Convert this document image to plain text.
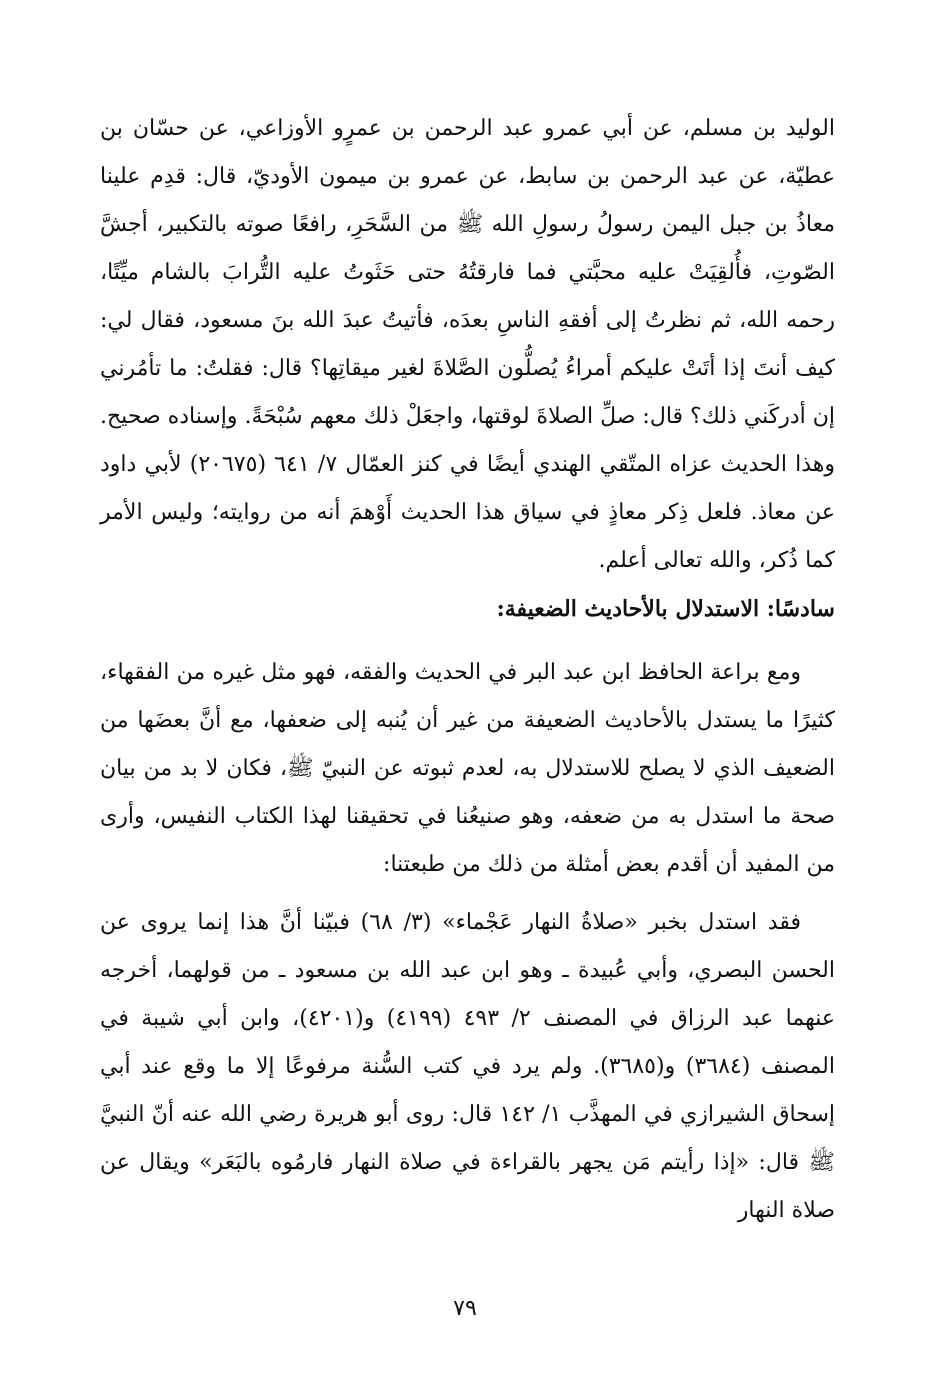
الوليد بن مسلم، عن أبي عمرو عبد الرحمن بن عمرٍو الأوزاعي، عن حسّان بن عطيّة، عن عبد الرحمن بن سابط، عن عمرو بن ميمون الأوديّ، قال: قدِم علينا معاذُ بن جبل اليمن رسولُ رسولِ الله ﷺ من السَّحَرِ، رافعًا صوته بالتكبير، أجشَّ الصّوتِ، فأُلقِيَتْ عليه محبَّتي فما فارقتُهُ حتى حَثَوتُ عليه التُّرابَ بالشام ميِّتًا، رحمه الله، ثم نظرتُ إلى أفقهِ الناسِ بعدَه، فأتيتُ عبدَ الله بنَ مسعود، فقال لي: كيف أنتَ إذا أتَتْ عليكم أمراءُ يُصلُّون الصَّلاةَ لغير ميقاتِها؟ قال: فقلتُ: ما تأمُرني إن أدركَني ذلك؟ قال: صلِّ الصلاةَ لوقتها، واجعَلْ ذلك معهم سُبْحَةً. وإسناده صحيح. وهذا الحديث عزاه المتّقي الهندي أيضًا في كنز العمّال ٧/ ٦٤١ (٢٠٦٧٥) لأبي داود عن معاذ. فلعل ذِكر معاذٍ في سياق هذا الحديث أَوْهمَ أنه من روايته؛ وليس الأمر كما ذُكر، والله تعالى أعلم.

سادسًا: الاستدلال بالأحاديث الضعيفة:

ومع براعة الحافظ ابن عبد البر في الحديث والفقه، فهو مثل غيره من الفقهاء، كثيرًا ما يستدل بالأحاديث الضعيفة من غير أن يُنبه إلى ضعفها، مع أنَّ بعضَها من الضعيف الذي لا يصلح للاستدلال به، لعدم ثبوته عن النبيّ ﷺ، فكان لا بد من بيان صحة ما استدل به من ضعفه، وهو صنيعُنا في تحقيقنا لهذا الكتاب النفيس، وأرى من المفيد أن أقدم بعض أمثلة من ذلك من طبعتنا:

فقد استدل بخبر «صلاةُ النهار عَجْماء» (٣/ ٦٨) فبيّنا أنَّ هذا إنما يروى عن الحسن البصري، وأبي عُبيدة ـ وهو ابن عبد الله بن مسعود ـ من قولهما، أخرجه عنهما عبد الرزاق في المصنف ٢/ ٤٩٣ (٤١٩٩) و(٤٢٠١)، وابن أبي شيبة في المصنف (٣٦٨٤) و(٣٦٨٥). ولم يرد في كتب السُّنة مرفوعًا إلا ما وقع عند أبي إسحاق الشيرازي في المهذَّب ١/ ١٤٢ قال: روى أبو هريرة رضي الله عنه أنّ النبيَّ ﷺ قال: «إذا رأيتم مَن يجهر بالقراءة في صلاة النهار فارمُوه بالبَعَر» ويقال عن صلاة النهار

٧٩
